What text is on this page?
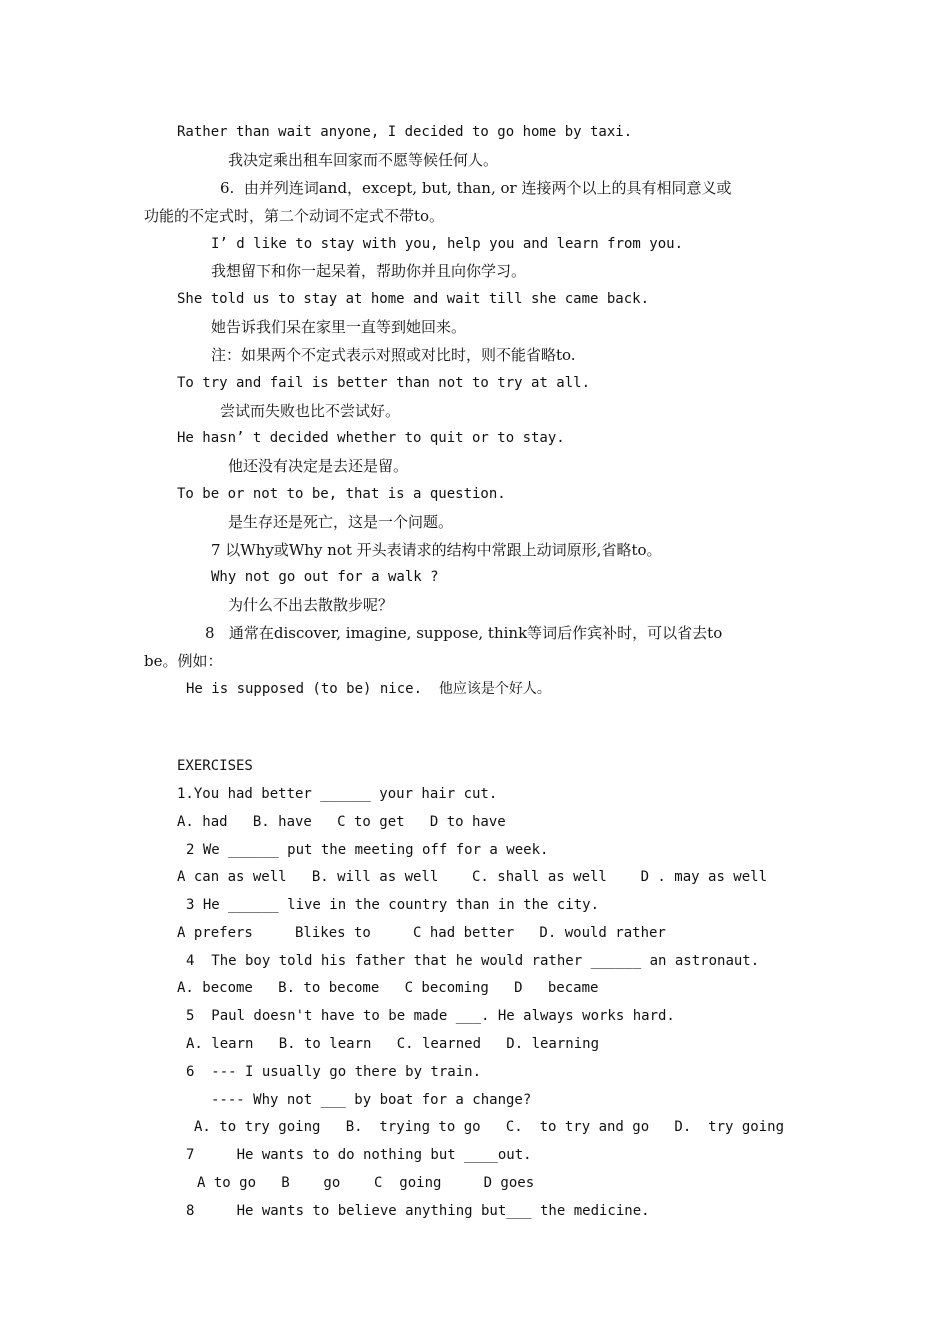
Rather than wait anyone, I decided to go home by taxi.
我决定乘出租车回家而不愿等候任何人。
6.  由并列连词and，except, but, than, or 连接两个以上的具有相同意义或
功能的不定式时，第二个动词不定式不带to。
I’ d like to stay with you, help you and learn from you.
我想留下和你一起呆着，帮助你并且向你学习。
She told us to stay at home and wait till she came back.
她告诉我们呆在家里一直等到她回来。
注：如果两个不定式表示对照或对比时，则不能省略to.
To try and fail is better than not to try at all.
尝试而失败也比不尝试好。
He hasn’ t decided whether to quit or to stay.
他还没有决定是去还是留。
To be or not to be, that is a question.
是生存还是死亡，这是一个问题。
7 以Why或Why not 开头表请求的结构中常跟上动词原形,省略to。
Why not go out for a walk ?
为什么不出去散散步呢？
8   通常在discover, imagine, suppose, think等词后作宾补时，可以省去to
be。例如：
He is supposed (to be) nice.  他应该是个好人。
EXERCISES
1.You had better ______ your hair cut.
A. had   B. have   C to get   D to have
2 We ______ put the meeting off for a week.
A can as well   B. will as well    C. shall as well    D . may as well
3 He ______ live in the country than in the city.
A prefers     Blikes to     C had better   D. would rather
4  The boy told his father that he would rather ______ an astronaut.
A. become   B. to become   C becoming   D   became
5  Paul doesn't have to be made ___. He always works hard.
A. learn   B. to learn   C. learned   D. learning
6  --- I usually go there by train.
---- Why not ___ by boat for a change?
A. to try going   B.  trying to go   C.  to try and go   D.  try going
7     He wants to do nothing but ____out.
A to go   B    go    C  going     D goes
8     He wants to believe anything but___ the medicine.
